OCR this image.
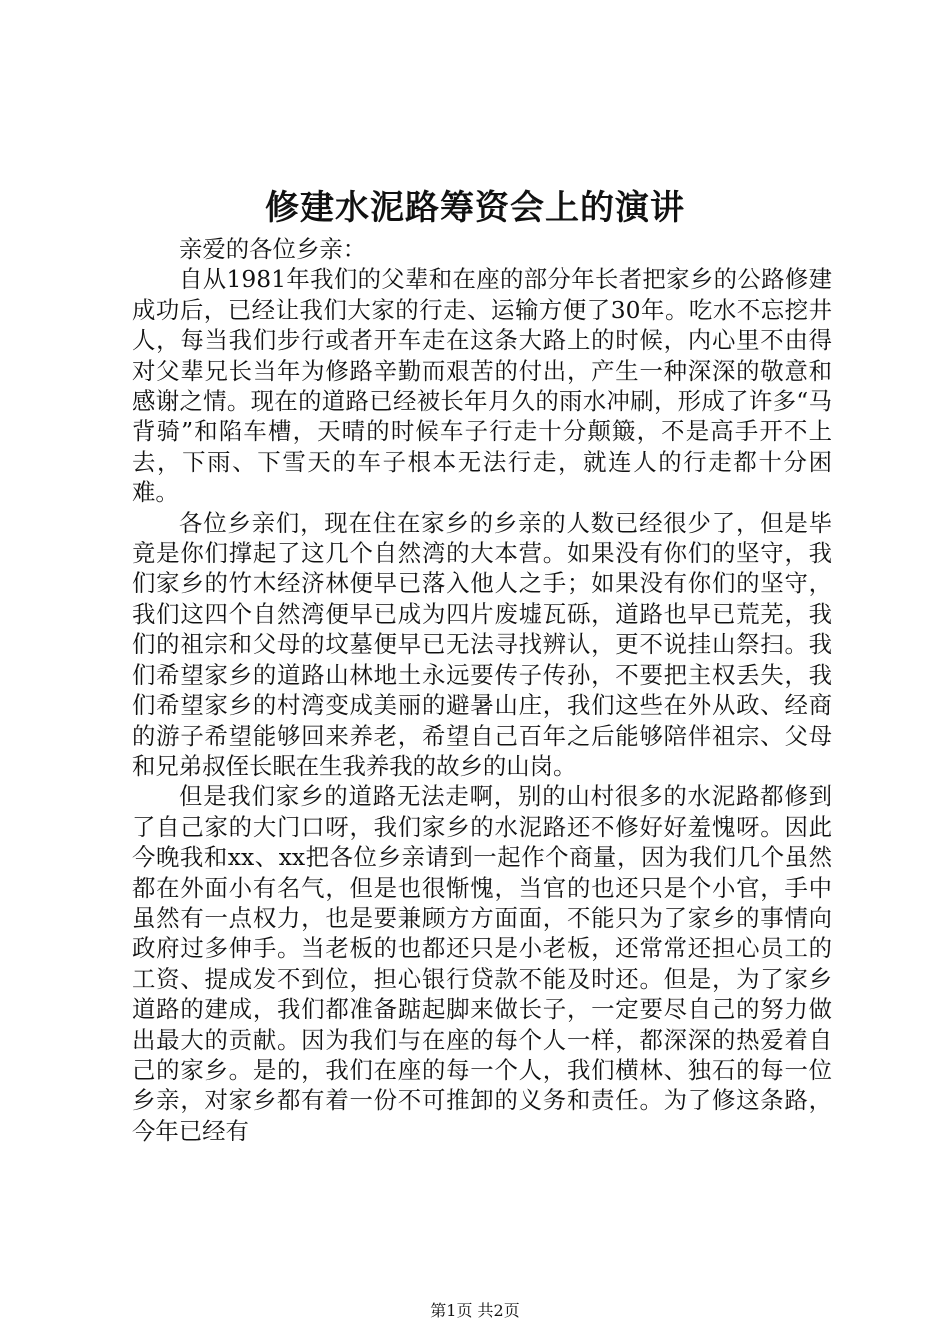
修建水泥路筹资会上的演讲

亲爱的各位乡亲：

自从1981年我们的父辈和在座的部分年长者把家乡的公路修建成功后，已经让我们大家的行走、运输方便了30年。吃水不忘挖井人，每当我们步行或者开车走在这条大路上的时候，内心里不由得对父辈兄长当年为修路辛勤而艰苦的付出，产生一种深深的敬意和感谢之情。现在的道路已经被长年月久的雨水冲刷，形成了许多“马背骑”和陷车槽，天晴的时候车子行走十分颠簸，不是高手开不上去，下雨、下雪天的车子根本无法行走，就连人的行走都十分困难。

各位乡亲们，现在住在家乡的乡亲的人数已经很少了，但是毕竟是你们撑起了这几个自然湾的大本营。如果没有你们的坚守，我们家乡的竹木经济林便早已落入他人之手；如果没有你们的坚守，我们这四个自然湾便早已成为四片废墟瓦砾，道路也早已荒芜，我们的祖宗和父母的坟墓便早已无法寻找辨认，更不说挂山祭扫。我们希望家乡的道路山林地土永远要传子传孙，不要把主权丢失，我们希望家乡的村湾变成美丽的避暑山庄，我们这些在外从政、经商的游子希望能够回来养老，希望自己百年之后能够陪伴祖宗、父母和兄弟叔侄长眠在生我养我的故乡的山岗。

但是我们家乡的道路无法走啊，别的山村很多的水泥路都修到了自己家的大门口呀，我们家乡的水泥路还不修好好羞愧呀。因此今晚我和xx、xx把各位乡亲请到一起作个商量，因为我们几个虽然都在外面小有名气，但是也很惭愧，当官的也还只是个小官，手中虽然有一点权力，也是要兼顾方方面面，不能只为了家乡的事情向政府过多伸手。当老板的也都还只是小老板，还常常还担心员工的工资、提成发不到位，担心银行贷款不能及时还。但是，为了家乡道路的建成，我们都准备踮起脚来做长子，一定要尽自己的努力做出最大的贡献。因为我们与在座的每个人一样，都深深的热爱着自己的家乡。是的，我们在座的每一个人，我们横林、独石的每一位乡亲，对家乡都有着一份不可推卸的义务和责任。为了修这条路，今年已经有

第1页 共2页
